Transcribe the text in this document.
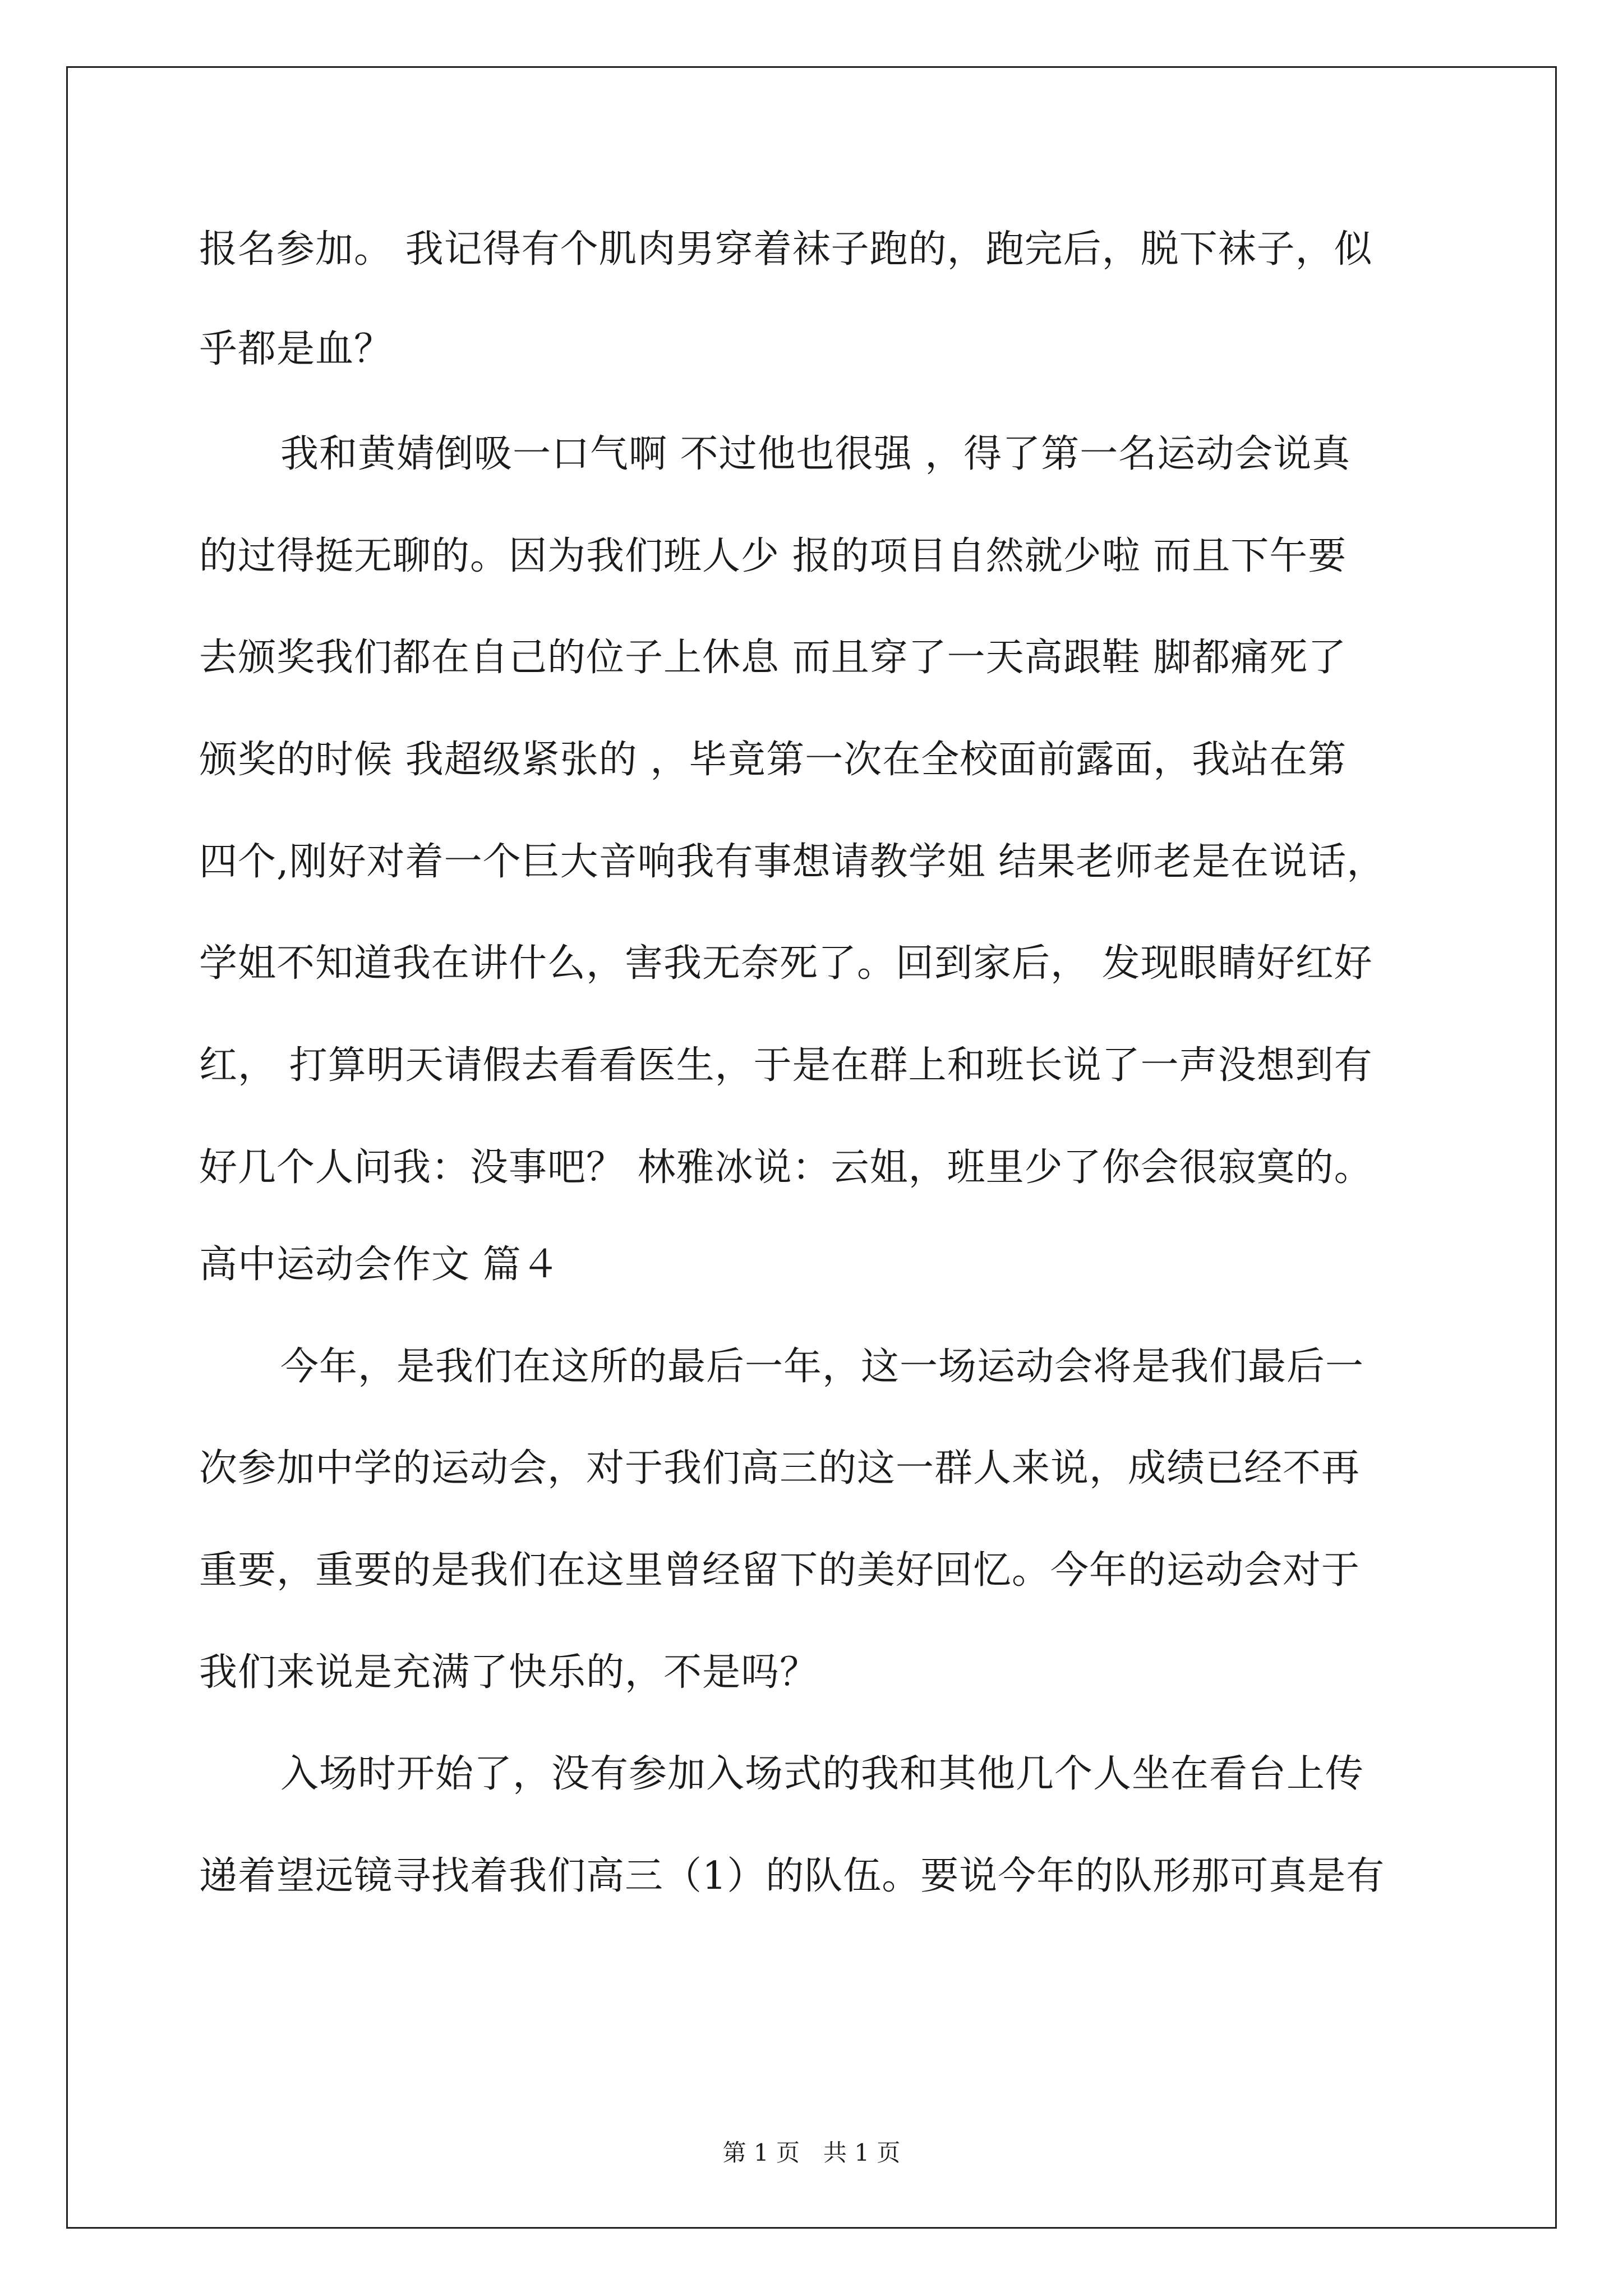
报名参加。 我记得有个肌肉男穿着袜子跑的，跑完后，脱下袜子，似
乎都是血？
我和黄婧倒吸一口气啊 不过他也很强 ，得了第一名运动会说真
的过得挺无聊的。因为我们班人少 报的项目自然就少啦 而且下午要
去颁奖我们都在自己的位子上休息 而且穿了一天高跟鞋 脚都痛死了
颁奖的时候 我超级紧张的 ，毕竟第一次在全校面前露面，我站在第
四个,刚好对着一个巨大音响我有事想请教学姐 结果老师老是在说话，
学姐不知道我在讲什么，害我无奈死了。回到家后， 发现眼睛好红好
红， 打算明天请假去看看医生，于是在群上和班长说了一声没想到有
好几个人问我：没事吧？ 林雅冰说：云姐，班里少了你会很寂寞的。
高中运动会作文 篇４
今年，是我们在这所的最后一年，这一场运动会将是我们最后一
次参加中学的运动会，对于我们高三的这一群人来说，成绩已经不再
重要，重要的是我们在这里曾经留下的美好回忆。今年的运动会对于
我们来说是充满了快乐的，不是吗？
入场时开始了，没有参加入场式的我和其他几个人坐在看台上传
递着望远镜寻找着我们高三（1）的队伍。要说今年的队形那可真是有
第 1 页　共 1 页
